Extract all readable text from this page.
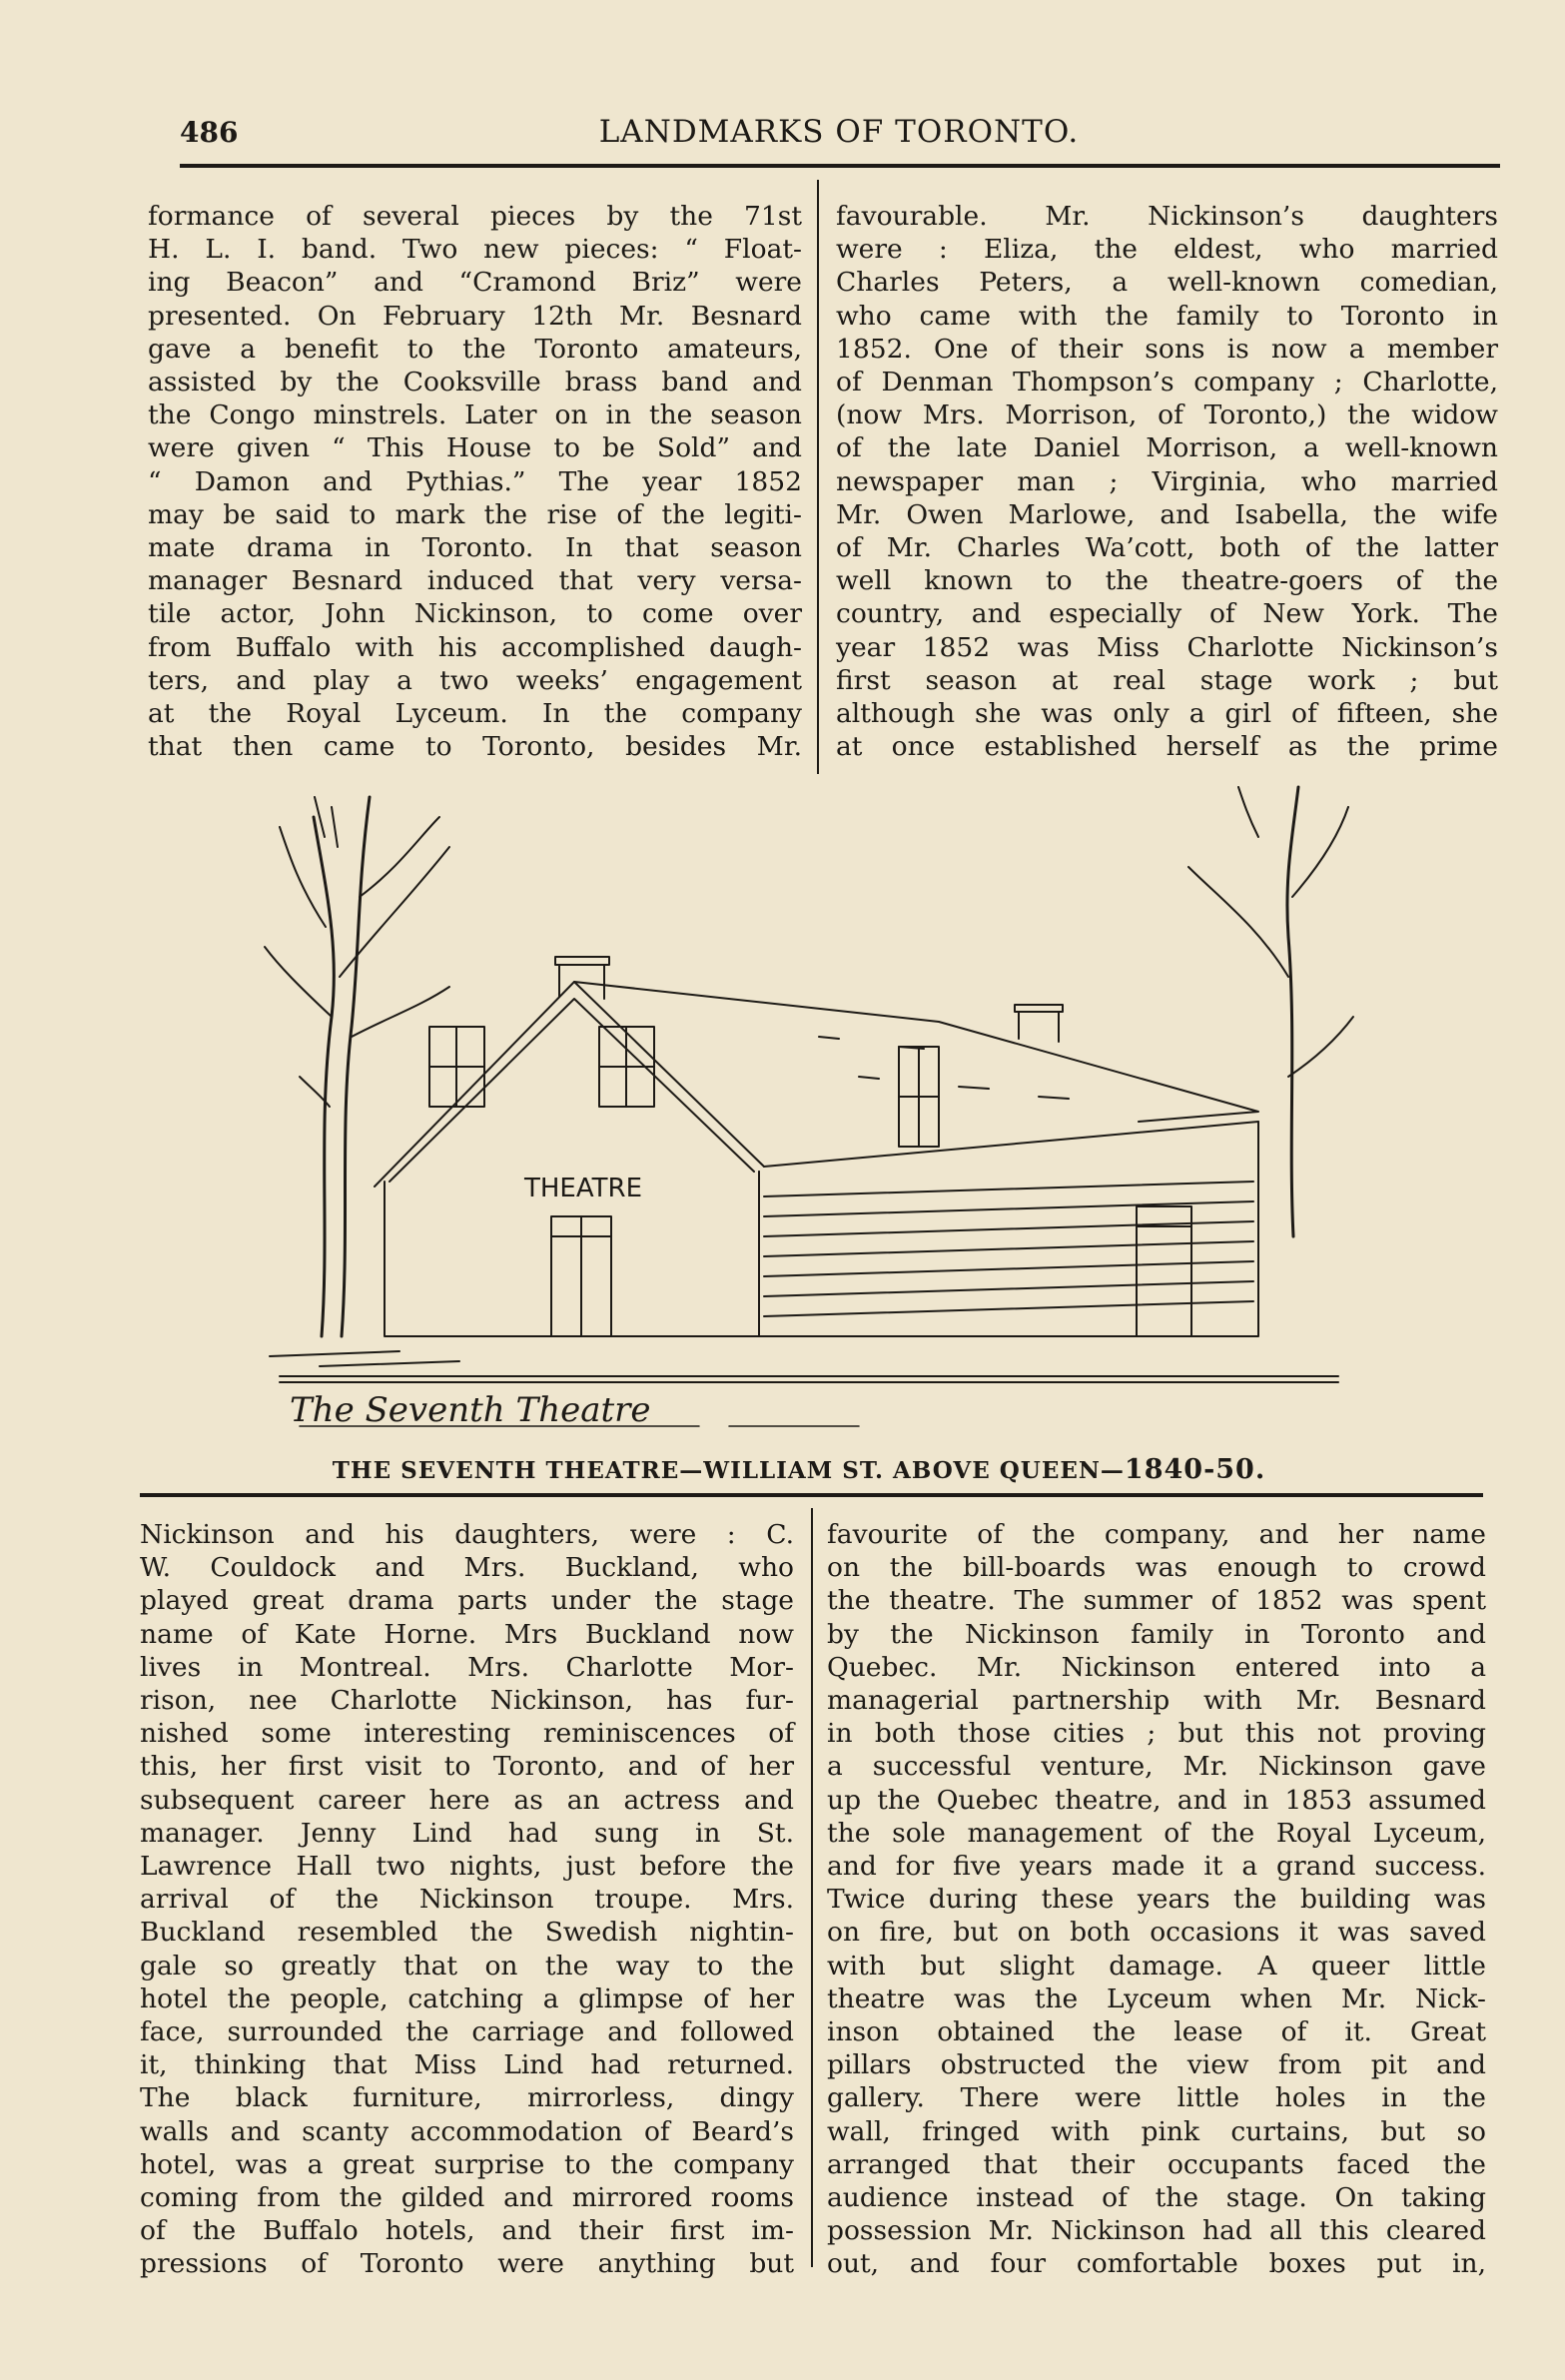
486	LANDMARKS OF TORONTO.

formance of several pieces by the 71st

H. L. I. band. Two new pieces: “ Float-

ing Beacon” and “Cramond Briz” were

presented. On February 12th Mr. Besnard

gave a benefit to the Toronto amateurs,

assisted by the Cooksville brass band and

the Congo minstrels. Later on in the season

were given “ This House to be Sold” and

“ Damon and Pythias.” The year 1852

may be said to mark the rise of the legiti-

mate drama in Toronto. In that season

manager Besnard induced that very versa-

tile actor, John Nickinson, to come over

from Buffalo with his accomplished daugh-

ters, and play a two weeks’ engagement

at the Royal Lyceum. In the company

that then came to Toronto, besides Mr.

favourable. Mr. Nickinson’s daughters

were : Eliza, the eldest, who married

Charles Peters, a well-known comedian,

who came with the family to Toronto in

1852. One of their sons is now a member

of Denman Thompson’s company ; Charlotte,

(now Mrs. Morrison, of Toronto,) the widow

of the late Daniel Morrison, a well-known

newspaper man ; Virginia, who married

Mr. Owen Marlowe, and Isabella, the wife

of Mr. Charles Wa’cott, both of the latter

well known to the theatre-goers of the

country, and especially of New York. The

year 1852 was Miss Charlotte Nickinson’s

first season at real stage work ; but

although she was only a girl of fifteen, she

at once established herself as the prime

THEATRE
The Seventh Theatre
THE SEVENTH THEATRE—WILLIAM ST. ABOVE QUEEN—1840-50.

Nickinson and his daughters, were : C.

W. Couldock and Mrs. Buckland, who

played great drama parts under the stage

name of Kate Horne. Mrs Buckland now

lives in Montreal. Mrs. Charlotte Mor-

rison, nee Charlotte Nickinson, has fur-

nished some interesting reminiscences of

this, her first visit to Toronto, and of her

subsequent career here as an actress and

manager. Jenny Lind had sung in St.

Lawrence Hall two nights, just before the

arrival of the Nickinson troupe. Mrs.

Buckland resembled the Swedish nightin-

gale so greatly that on the way to the

hotel the people, catching a glimpse of her

face, surrounded the carriage and followed

it, thinking that Miss Lind had returned.

The black furniture, mirrorless, dingy

walls and scanty accommodation of Beard’s

hotel, was a great surprise to the company

coming from the gilded and mirrored rooms

of the Buffalo hotels, and their first im-

pressions of Toronto were anything but

favourite of the company, and her name

on the bill-boards was enough to crowd

the theatre. The summer of 1852 was spent

by the Nickinson family in Toronto and

Quebec. Mr. Nickinson entered into a

managerial partnership with Mr. Besnard

in both those cities ; but this not proving

a successful venture, Mr. Nickinson gave

up the Quebec theatre, and in 1853 assumed

the sole management of the Royal Lyceum,

and for five years made it a grand success.

Twice during these years the building was

on fire, but on both occasions it was saved

with but slight damage. A queer little

theatre was the Lyceum when Mr. Nick-

inson obtained the lease of it. Great

pillars obstructed the view from pit and

gallery. There were little holes in the

wall, fringed with pink curtains, but so

arranged that their occupants faced the

audience instead of the stage. On taking

possession Mr. Nickinson had all this cleared

out, and four comfortable boxes put in,
